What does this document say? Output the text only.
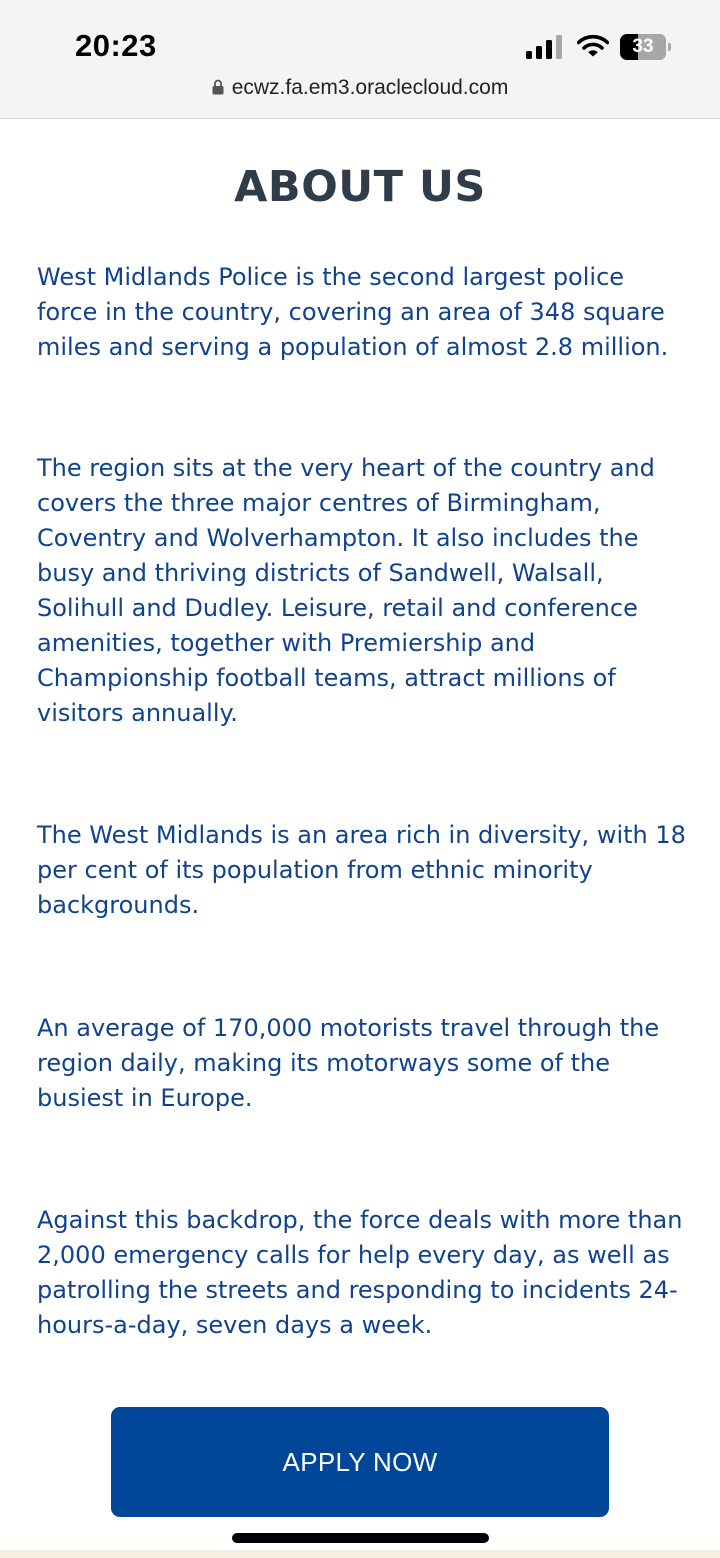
20:23	33
ecwz.fa.em3.oraclecloud.com
ABOUT US

West Midlands Police is the second largest police force in the country, covering an area of 348 square miles and serving a population of almost 2.8 million.

The region sits at the very heart of the country and covers the three major centres of Birmingham, Coventry and Wolverhampton. It also includes the busy and thriving districts of Sandwell, Walsall, Solihull and Dudley. Leisure, retail and conference amenities, together with Premiership and Championship football teams, attract millions of visitors annually.

The West Midlands is an area rich in diversity, with 18 per cent of its population from ethnic minority backgrounds.

An average of 170,000 motorists travel through the region daily, making its motorways some of the busiest in Europe.

Against this backdrop, the force deals with more than 2,000 emergency calls for help every day, as well as patrolling the streets and responding to incidents 24-hours-a-day, seven days a week.

APPLY NOW
